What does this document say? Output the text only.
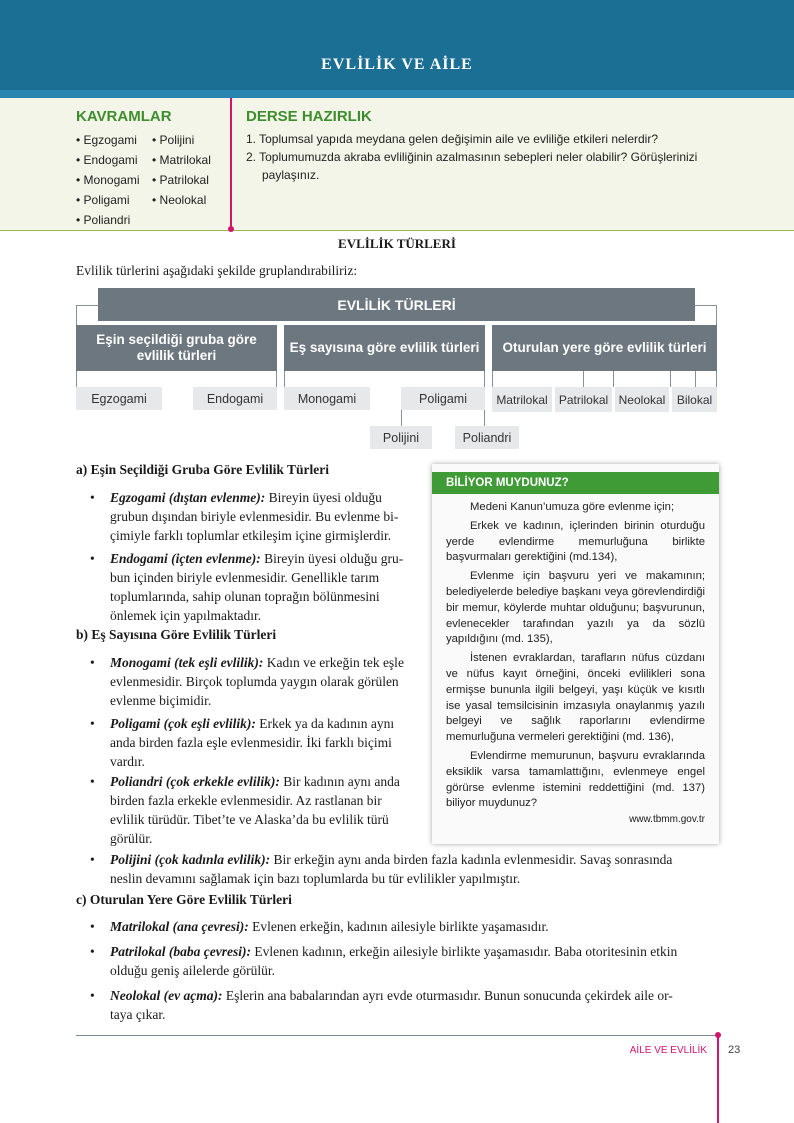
EVLİLİK VE AİLE
KAVRAMLAR
• Egzogami
• Endogami
• Monogami
• Poligami
• Poliandri
• Polijini
• Matrilokal
• Patrilokal
• Neolokal
DERSE HAZIRLIK
1. Toplumsal yapıda meydana gelen değişimin aile ve evliliğe etkileri nelerdir?
2. Toplumumuzda akraba evliliğinin azalmasının sebepleri neler olabilir? Görüşlerinizi
paylaşınız.
EVLİLİK TÜRLERİ
Evlilik türlerini aşağıdaki şekilde gruplandırabiliriz:
EVLİLİK TÜRLERİ
Eşin seçildiği gruba göre evlilik türleri
Eş sayısına göre evlilik türleri	Oturulan yere göre evlilik türleri
Egzogami	Endogami	Monogami	Poligami	Matrilokal Patrilokal Neolokal Bilokal
Polijini	Poliandri
a) Eşin Seçildiği Gruba Göre Evlilik Türleri
• Egzogami (dıştan evlenme): Bireyin üyesi olduğu
grubun dışından biriyle evlenmesidir. Bu evlenme bi-
çimiyle farklı toplumlar etkileşim içine girmişlerdir.
• Endogami (içten evlenme): Bireyin üyesi olduğu gru-
bun içinden biriyle evlenmesidir. Genellikle tarım
toplumlarında, sahip olunan toprağın bölünmesini
önlemek için yapılmaktadır.
b) Eş Sayısına Göre Evlilik Türleri
• Monogami (tek eşli evlilik): Kadın ve erkeğin tek eşle
evlenmesidir. Birçok toplumda yaygın olarak görülen
evlenme biçimidir.
• Poligami (çok eşli evlilik): Erkek ya da kadının aynı
anda birden fazla eşle evlenmesidir. İki farklı biçimi
vardır.
• Poliandri (çok erkekle evlilik): Bir kadının aynı anda
birden fazla erkekle evlenmesidir. Az rastlanan bir
evlilik türüdür. Tibet’te ve Alaska’da bu evlilik türü
görülür.
• Polijini (çok kadınla evlilik): Bir erkeğin aynı anda birden fazla kadınla evlenmesidir. Savaş sonrasında
neslin devamını sağlamak için bazı toplumlarda bu tür evlilikler yapılmıştır.
c) Oturulan Yere Göre Evlilik Türleri
• Matrilokal (ana çevresi): Evlenen erkeğin, kadının ailesiyle birlikte yaşamasıdır.
• Patrilokal (baba çevresi): Evlenen kadının, erkeğin ailesiyle birlikte yaşamasıdır. Baba otoritesinin etkin
olduğu geniş ailelerde görülür.
• Neolokal (ev açma): Eşlerin ana babalarından ayrı evde oturmasıdır. Bunun sonucunda çekirdek aile or-
taya çıkar.
BİLİYOR MUYDUNUZ?

Medeni Kanun’umuza göre evlenme için;

Erkek ve kadının, içlerinden birinin oturduğu yerde evlendirme memurluğuna birlikte başvurmaları gerektiğini (md.134),

Evlenme için başvuru yeri ve makamının; belediyelerde belediye başkanı veya görevlendirdiği bir memur, köylerde muhtar olduğunu; başvurunun, evlenecekler tarafından yazılı ya da sözlü yapıldığını (md. 135),

İstenen evraklardan, tarafların nüfus cüzdanı ve nüfus kayıt örneğini, önceki evlilikleri sona ermişse bununla ilgili belgeyi, yaşı küçük ve kısıtlı ise yasal temsilcisinin imzasıyla onaylanmış yazılı belgeyi ve sağlık raporlarını evlendirme memurluğuna vermeleri gerektiğini (md. 136),

Evlendirme memurunun, başvuru evraklarında eksiklik varsa tamamlattığını, evlenmeye engel görürse evlenme istemini reddettiğini (md. 137) biliyor muydunuz?

www.tbmm.gov.tr
AİLE VE EVLİLİK 23
